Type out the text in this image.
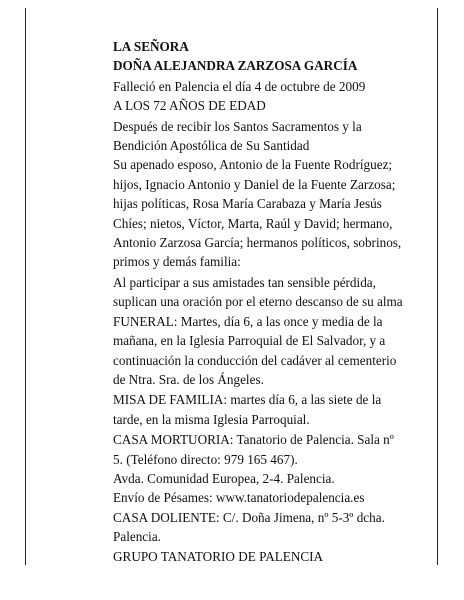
LA SEÑORA

DOÑA ALEJANDRA ZARZOSA GARCÍA

Falleció en Palencia el día 4 de octubre de 2009

A LOS 72 AÑOS DE EDAD

Después de recibir los Santos Sacramentos y la

Bendición Apostólica de Su Santidad

Su apenado esposo, Antonio de la Fuente Rodríguez;

hijos, Ignacio Antonio y Daniel de la Fuente Zarzosa;

hijas políticas, Rosa María Carabaza y María Jesús

Chíes; nietos, Víctor, Marta, Raúl y David; hermano,

Antonio Zarzosa García; hermanos políticos, sobrinos,

primos y demás familia:

Al participar a sus amistades tan sensible pérdida,

suplican una oración por el eterno descanso de su alma

FUNERAL: Martes, día 6, a las once y media de la

mañana, en la Iglesia Parroquial de El Salvador, y a

continuación la conducción del cadáver al cementerio

de Ntra. Sra. de los Ángeles.

MISA DE FAMILIA: martes día 6, a las siete de la

tarde, en la misma Iglesia Parroquial.

CASA MORTUORIA: Tanatorio de Palencia. Sala nº

5. (Teléfono directo: 979 165 467).

Avda. Comunidad Europea, 2-4. Palencia.

Envío de Pésames: www.tanatoriodepalencia.es

CASA DOLIENTE: C/. Doña Jimena, nº 5-3º dcha.

Palencia.

GRUPO TANATORIO DE PALENCIA
